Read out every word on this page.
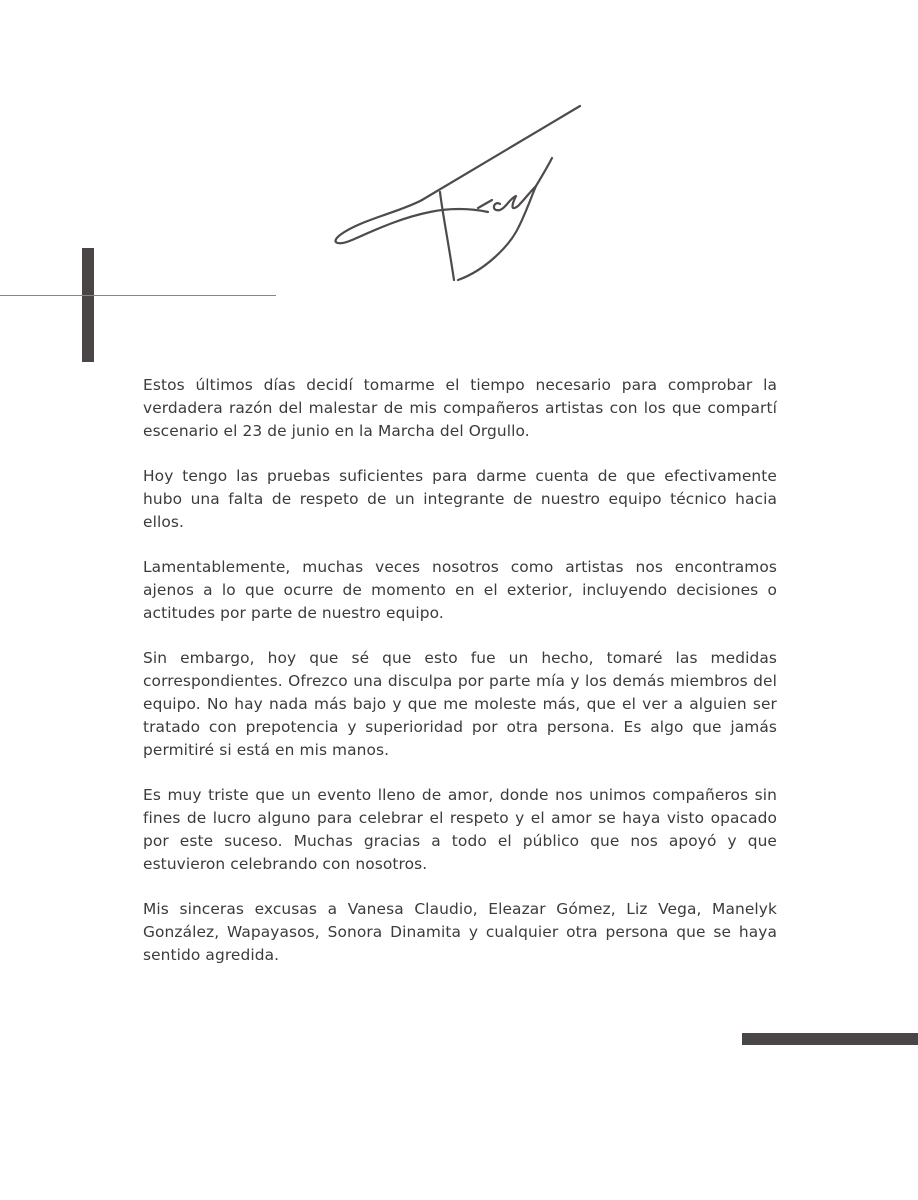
Estos últimos días decidí tomarme el tiempo necesario para comprobar la verdadera razón del malestar de mis compañeros artistas con los que compartí escenario el 23 de junio en la Marcha del Orgullo.

Hoy tengo las pruebas suficientes para darme cuenta de que efectivamente hubo una falta de respeto de un integrante de nuestro equipo técnico hacia ellos.

Lamentablemente, muchas veces nosotros como artistas nos encontramos ajenos a lo que ocurre de momento en el exterior, incluyendo decisiones o actitudes por parte de nuestro equipo.

Sin embargo, hoy que sé que esto fue un hecho, tomaré las medidas correspondientes. Ofrezco una disculpa por parte mía y los demás miembros del equipo. No hay nada más bajo y que me moleste más, que el ver a alguien ser tratado con prepotencia y superioridad por otra persona. Es algo que jamás permitiré si está en mis manos.

Es muy triste que un evento lleno de amor, donde nos unimos compañeros sin fines de lucro alguno para celebrar el respeto y el amor se haya visto opacado por este suceso. Muchas gracias a todo el público que nos apoyó y que estuvieron celebrando con nosotros.

Mis sinceras excusas a Vanesa Claudio, Eleazar Gómez, Liz Vega, Manelyk González, Wapayasos, Sonora Dinamita y cualquier otra persona que se haya sentido agredida.
